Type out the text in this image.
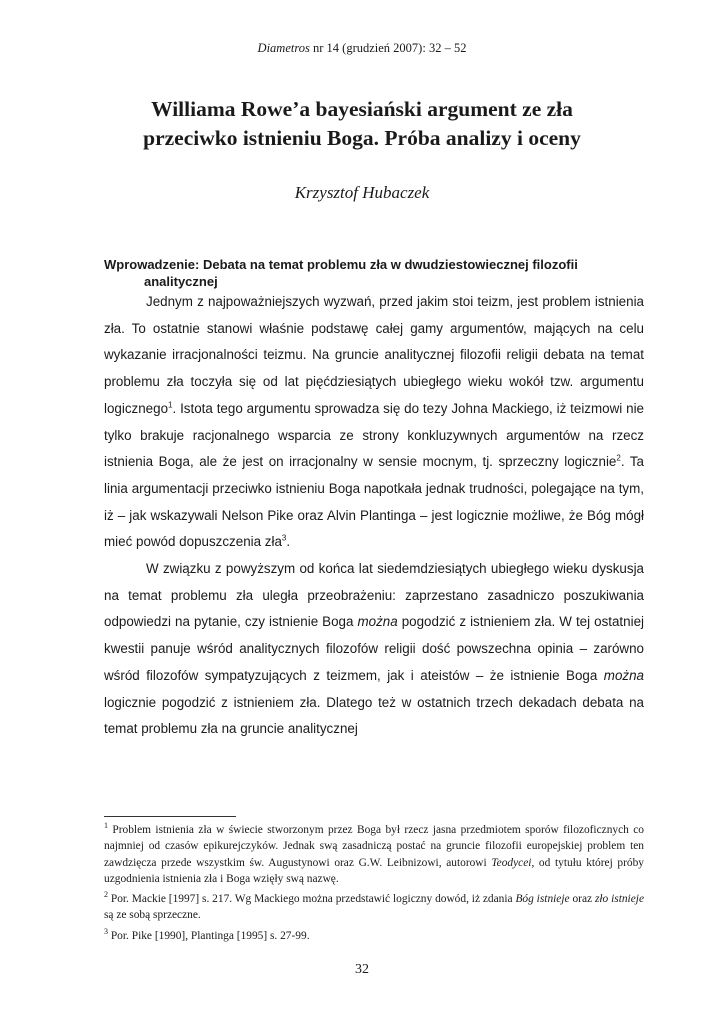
Diametros nr 14 (grudzień 2007): 32 – 52
Williama Rowe’a bayesiański argument ze zła
przeciwko istnieniu Boga. Próba analizy i oceny
Krzysztof Hubaczek
Wprowadzenie: Debata na temat problemu zła w dwudziestowiecznej filozofii analitycznej

Jednym z najpoważniejszych wyzwań, przed jakim stoi teizm, jest problem istnienia zła. To ostatnie stanowi właśnie podstawę całej gamy argumentów, mających na celu wykazanie irracjonalności teizmu. Na gruncie analitycznej filozofii religii debata na temat problemu zła toczyła się od lat pięćdziesiątych ubiegłego wieku wokół tzw. argumentu logicznego$^1$. Istota tego argumentu sprowadza się do tezy Johna Mackiego, iż teizmowi nie tylko brakuje racjonalnego wsparcia ze strony konkluzywnych argumentów na rzecz istnienia Boga, ale że jest on irracjonalny w sensie mocnym, tj. sprzeczny logicznie$^2$. Ta linia argumentacji przeciwko istnieniu Boga napotkała jednak trudności, polegające na tym, iż – jak wskazywali Nelson Pike oraz Alvin Plantinga – jest logicznie możliwe, że Bóg mógł mieć powód dopuszczenia zła$^3$.

W związku z powyższym od końca lat siedemdziesiątych ubiegłego wieku dyskusja na temat problemu zła uległa przeobrażeniu: zaprzestano zasadniczo poszukiwania odpowiedzi na pytanie, czy istnienie Boga można pogodzić z istnieniem zła. W tej ostatniej kwestii panuje wśród analitycznych filozofów religii dość powszechna opinia – zarówno wśród filozofów sympatyzujących z teizmem, jak i ateistów – że istnienie Boga można logicznie pogodzić z istnieniem zła. Dlatego też w ostatnich trzech dekadach debata na temat problemu zła na gruncie analitycznej

$^1$ Problem istnienia zła w świecie stworzonym przez Boga był rzecz jasna przedmiotem sporów filozoficznych co najmniej od czasów epikurejczyków. Jednak swą zasadniczą postać na gruncie filozofii europejskiej problem ten zawdzięcza przede wszystkim św. Augustynowi oraz G.W. Leibnizowi, autorowi Teodycei, od tytułu której próby uzgodnienia istnienia zła i Boga wzięły swą nazwę.

$^2$ Por. Mackie [1997] s. 217. Wg Mackiego można przedstawić logiczny dowód, iż zdania Bóg istnieje oraz zło istnieje są ze sobą sprzeczne.

$^3$ Por. Pike [1990], Plantinga [1995] s. 27-99.

32
